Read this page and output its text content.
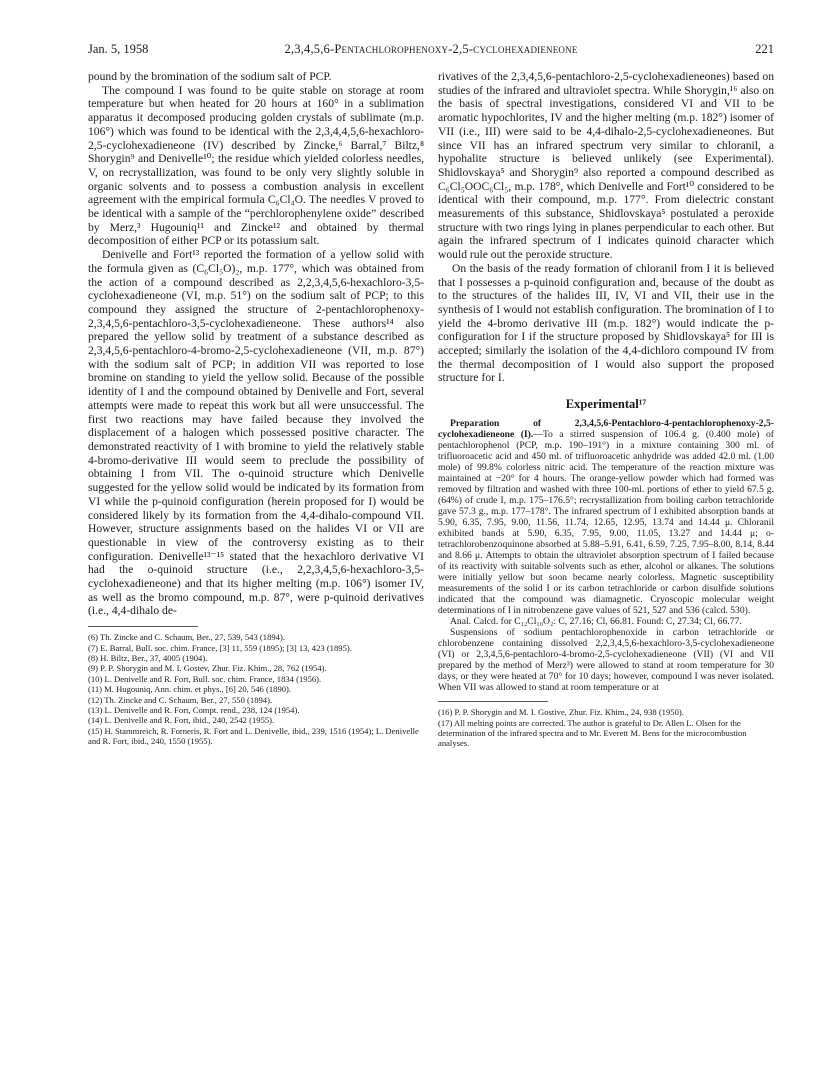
Jan. 5, 1958	2,3,4,5,6-Pentachlorophenoxy-2,5-cyclohexadieneone	221

pound by the bromination of the sodium salt of PCP.

The compound I was found to be quite stable on storage at room temperature but when heated for 20 hours at 160° in a sublimation apparatus it decomposed producing golden crystals of sublimate (m.p. 106°) which was found to be identical with the 2,3,4,4,5,6-hexachloro-2,5-cyclohexadieneone (IV) described by Zincke,⁶ Barral,⁷ Biltz,⁸ Shorygin⁹ and Denivelle¹⁰; the residue which yielded colorless needles, V, on recrystallization, was found to be only very slightly soluble in organic solvents and to possess a combustion analysis in excellent agreement with the empirical formula C₆Cl₄O. The needles V proved to be identical with a sample of the “perchlorophenylene oxide” described by Merz,³ Hugouniq¹¹ and Zincke¹² and obtained by thermal decomposition of either PCP or its potassium salt.

Denivelle and Fort¹³ reported the formation of a yellow solid with the formula given as (C₆Cl₅O)₂, m.p. 177°, which was obtained from the action of a compound described as 2,2,3,4,5,6-hexachloro-3,5-cyclohexadieneone (VI, m.p. 51°) on the sodium salt of PCP; to this compound they assigned the structure of 2-pentachlorophenoxy-2,3,4,5,6-pentachloro-3,5-cyclohexadieneone. These authors¹⁴ also prepared the yellow solid by treatment of a substance described as 2,3,4,5,6-pentachloro-4-bromo-2,5-cyclohexadieneone (VII, m.p. 87°) with the sodium salt of PCP; in addition VII was reported to lose bromine on standing to yield the yellow solid. Because of the possible identity of I and the compound obtained by Denivelle and Fort, several attempts were made to repeat this work but all were unsuccessful. The first two reactions may have failed because they involved the displacement of a halogen which possessed positive character. The demonstrated reactivity of I with bromine to yield the relatively stable 4-bromo-derivative III would seem to preclude the possibility of obtaining I from VII. The o-quinoid structure which Denivelle suggested for the yellow solid would be indicated by its formation from VI while the p-quinoid configuration (herein proposed for I) would be considered likely by its formation from the 4,4-dihalo-compound VII. However, structure assignments based on the halides VI or VII are questionable in view of the controversy existing as to their configuration. Denivelle¹³⁻¹⁵ stated that the hexachloro derivative VI had the o-quinoid structure (i.e., 2,2,3,4,5,6-hexachloro-3,5-cyclohexadieneone) and that its higher melting (m.p. 106°) isomer IV, as well as the bromo compound, m.p. 87°, were p-quinoid derivatives (i.e., 4,4-dihalo de-

(6) Th. Zincke and C. Schaum, Ber., 27, 539, 543 (1894).
(7) E. Barral, Bull. soc. chim. France, [3] 11, 559 (1895); [3] 13, 423 (1895).
(8) H. Biltz, Ber., 37, 4005 (1904).
(9) P. P. Shorygin and M. I. Gostev, Zhur. Fiz. Khim., 28, 762 (1954).
(10) L. Denivelle and R. Fort, Bull. soc. chim. France, 1834 (1956).
(11) M. Hugouniq, Ann. chim. et phys., [6] 20, 546 (1890).
(12) Th. Zincke and C. Schaum, Ber., 27, 550 (1894).
(13) L. Denivelle and R. Fort, Compt. rend., 238, 124 (1954).
(14) L. Denivelle and R. Fort, ibid., 240, 2542 (1955).
(15) H. Stammreich, R. Forneris, R. Fort and L. Denivelle, ibid., 239, 1516 (1954); L. Denivelle and R. Fort, ibid., 240, 1550 (1955).

rivatives of the 2,3,4,5,6-pentachloro-2,5-cyclohexadieneones) based on studies of the infrared and ultraviolet spectra. While Shorygin,¹⁶ also on the basis of spectral investigations, considered VI and VII to be aromatic hypochlorites, IV and the higher melting (m.p. 182°) isomer of VII (i.e., III) were said to be 4,4-dihalo-2,5-cyclohexadieneones. But since VII has an infrared spectrum very similar to chloranil, a hypohalite structure is believed unlikely (see Experimental). Shidlovskaya⁵ and Shorygin⁹ also reported a compound described as C₆Cl₅OOC₆Cl₅, m.p. 178°, which Denivelle and Fort¹⁰ considered to be identical with their compound, m.p. 177°. From dielectric constant measurements of this substance, Shidlovskaya⁵ postulated a peroxide structure with two rings lying in planes perpendicular to each other. But again the infrared spectrum of I indicates quinoid character which would rule out the peroxide structure.

On the basis of the ready formation of chloranil from I it is believed that I possesses a p-quinoid configuration and, because of the doubt as to the structures of the halides III, IV, VI and VII, their use in the synthesis of I would not establish configuration. The bromination of I to yield the 4-bromo derivative III (m.p. 182°) would indicate the p-configuration for I if the structure proposed by Shidlovskaya⁵ for III is accepted; similarly the isolation of the 4,4-dichloro compound IV from the thermal decomposition of I would also support the proposed structure for I.

Experimental¹⁷

Preparation of 2,3,4,5,6-Pentachloro-4-pentachlorophenoxy-2,5-cyclohexadieneone (I).—To a stirred suspension of 106.4 g. (0.400 mole) of pentachlorophenol (PCP, m.p. 190–191°) in a mixture containing 300 ml. of trifluoroacetic acid and 450 ml. of trifluoroacetic anhydride was added 42.0 ml. (1.00 mole) of 99.8% colorless nitric acid. The temperature of the reaction mixture was maintained at −20° for 4 hours. The orange-yellow powder which had formed was removed by filtration and washed with three 100-ml. portions of ether to yield 67.5 g. (64%) of crude I, m.p. 175–176.5°; recrystallization from boiling carbon tetrachloride gave 57.3 g., m.p. 177–178°. The infrared spectrum of I exhibited absorption bands at 5.90, 6.35, 7.95, 9.00, 11.56, 11.74, 12.65, 12.95, 13.74 and 14.44 μ. Chloranil exhibited bands at 5.90, 6.35, 7.95, 9.00, 11.05, 13.27 and 14.44 μ; o-tetrachlorobenzoquinone absorbed at 5.88–5.91, 6.41, 6.59, 7.25, 7.95–8.00, 8.14, 8.44 and 8.66 μ. Attempts to obtain the ultraviolet absorption spectrum of I failed because of its reactivity with suitable solvents such as ether, alcohol or alkanes. The solutions were initially yellow but soon became nearly colorless. Magnetic susceptibility measurements of the solid I or its carbon tetrachloride or carbon disulfide solutions indicated that the compound was diamagnetic. Cryoscopic molecular weight determinations of I in nitrobenzene gave values of 521, 527 and 536 (calcd. 530).

Anal. Calcd. for C₁₂Cl₁₀O₂: C, 27.16; Cl, 66.81. Found: C, 27.34; Cl, 66.77.

Suspensions of sodium pentachlorophenoxide in carbon tetrachloride or chlorobenzene containing dissolved 2,2,3,4,5,6-hexachloro-3,5-cyclohexadieneone (VI) or 2,3,4,5,6-pentachloro-4-bromo-2,5-cyclohexadieneone (VII) (VI and VII prepared by the method of Merz³) were allowed to stand at room temperature for 30 days, or they were heated at 70° for 10 days; however, compound I was never isolated. When VII was allowed to stand at room temperature or at

(16) P. P. Shorygin and M. I. Gostive, Zhur. Fiz. Khim., 24, 938 (1950).
(17) All melting points are corrected. The author is grateful to Dr. Allen L. Olsen for the determination of the infrared spectra and to Mr. Everett M. Bens for the microcombustion analyses.
